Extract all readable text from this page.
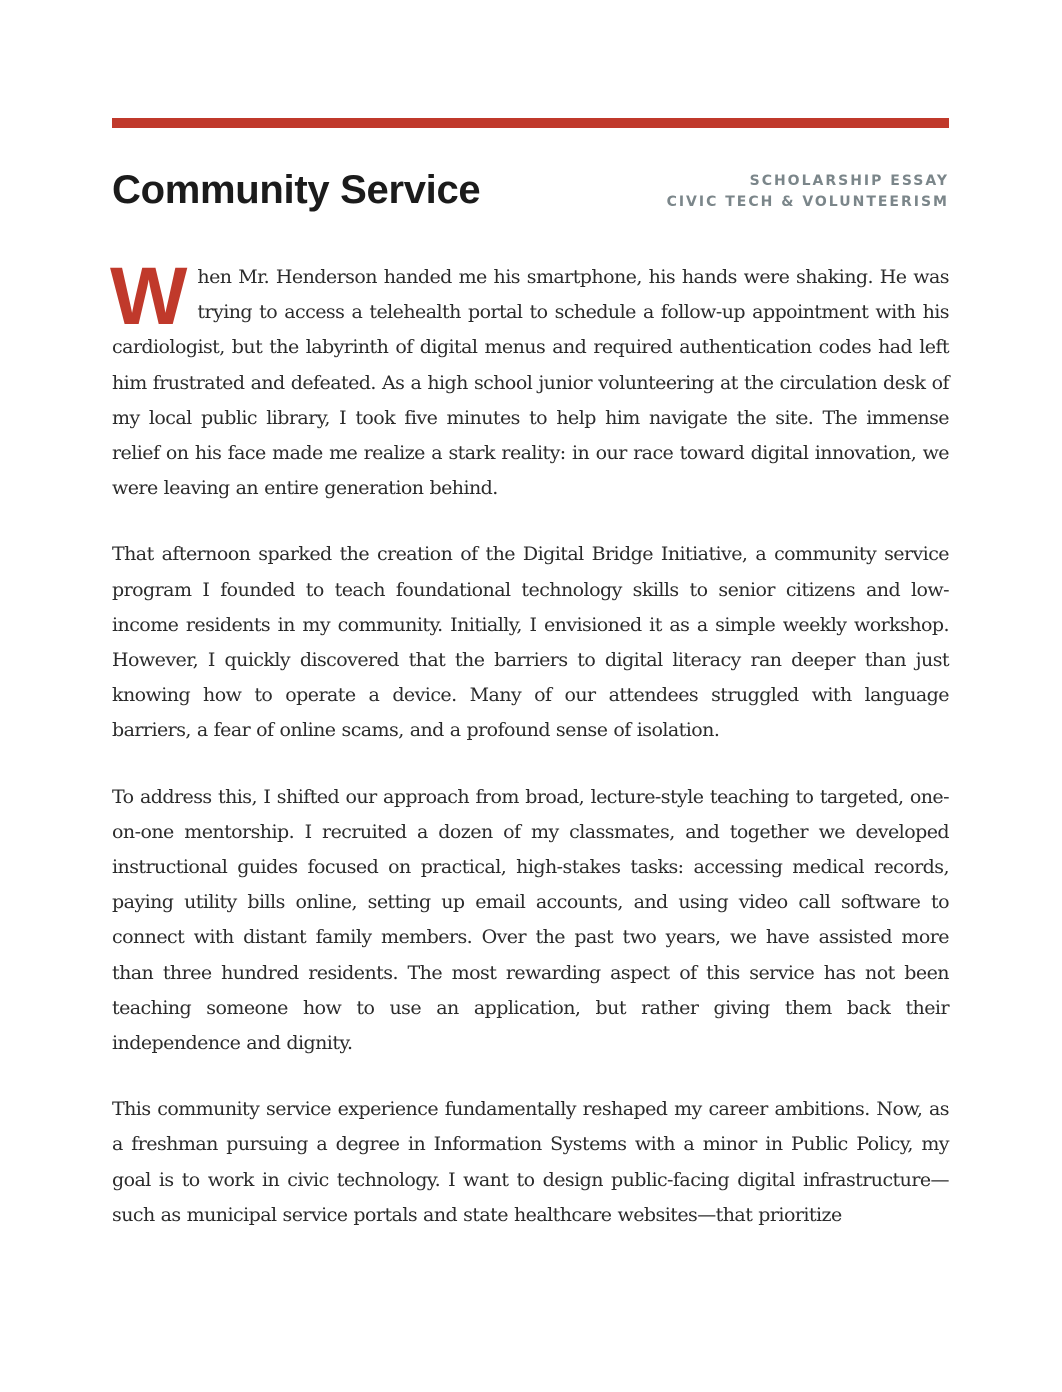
Community Service	SCHOLARSHIP ESSAY
CIVIC TECH & VOLUNTEERISM

When Mr. Henderson handed me his smartphone, his hands were shaking. He was trying to access a telehealth portal to schedule a follow-up appointment with his cardiologist, but the labyrinth of digital menus and required authentication codes had left him frustrated and defeated. As a high school junior volunteering at the circulation desk of my local public library, I took five minutes to help him navigate the site. The immense relief on his face made me realize a stark reality: in our race toward digital innovation, we were leaving an entire generation behind.

That afternoon sparked the creation of the Digital Bridge Initiative, a community service program I founded to teach foundational technology skills to senior citizens and low-income residents in my community. Initially, I envisioned it as a simple weekly workshop. However, I quickly discovered that the barriers to digital literacy ran deeper than just knowing how to operate a device. Many of our attendees struggled with language barriers, a fear of online scams, and a profound sense of isolation.

To address this, I shifted our approach from broad, lecture-style teaching to targeted, one-on-one mentorship. I recruited a dozen of my classmates, and together we developed instructional guides focused on practical, high-stakes tasks: accessing medical records, paying utility bills online, setting up email accounts, and using video call software to connect with distant family members. Over the past two years, we have assisted more than three hundred residents. The most rewarding aspect of this service has not been teaching someone how to use an application, but rather giving them back their independence and dignity.

This community service experience fundamentally reshaped my career ambitions. Now, as a freshman pursuing a degree in Information Systems with a minor in Public Policy, my goal is to work in civic technology. I want to design public-facing digital infrastructure—such as municipal service portals and state healthcare websites—that prioritize
